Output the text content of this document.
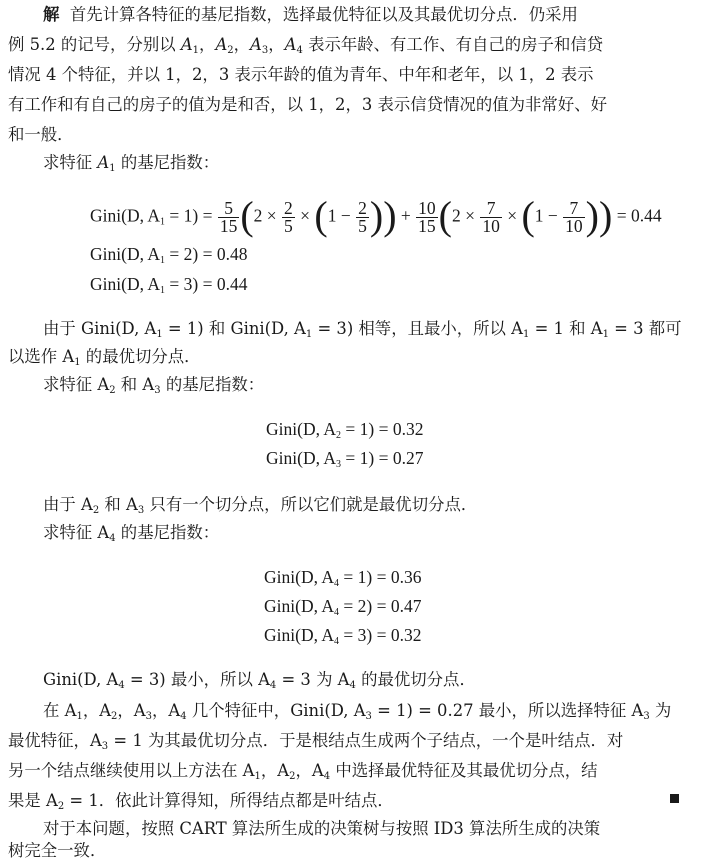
解 首先计算各特征的基尼指数，选择最优特征以及其最优切分点．仍采用
例 5.2 的记号，分别以 $A_1$，$A_2$，$A_3$，$A_4$ 表示年龄、有工作、有自己的房子和信贷
情况 4 个特征，并以 1，2，3 表示年龄的值为青年、中年和老年，以 1，2 表示
有工作和有自己的房子的值为是和否，以 1，2，3 表示信贷情况的值为非常好、好
和一般．
求特征 $A_1$ 的基尼指数：
Gini(D, $A_1 = 1) = \frac{5}{15} (2 \times \frac{2}{5} \times (1 - \frac{2}{5}$ )) + $\frac{10}{15} (2 \times \frac{7}{10} \times (1 - \frac{7}{10}$ )) = 0.44
Gini(D, $A_1 = 2) = 0.48$
Gini(D, $A_1 = 3) = 0.44$
由于 Gini(D, $A_1 = 1$) 和 Gini(D, $A_1 = 3$) 相等，且最小，所以 $A_1 = 1$ 和 $A_1 = 3$ 都可
以选作 $A_1$ 的最优切分点．
求特征 $A_2$ 和 $A_3$ 的基尼指数：
Gini(D, $A_2 = 1) = 0.32$
Gini(D, $A_3 = 1) = 0.27$
由于 $A_2$ 和 $A_3$ 只有一个切分点，所以它们就是最优切分点．
求特征 $A_4$ 的基尼指数：
Gini(D, $A_4 = 1) = 0.36$
Gini(D, $A_4 = 2) = 0.47$
Gini(D, $A_4 = 3) = 0.32$
Gini(D, $A_4 = 3$) 最小，所以 $A_4 = 3$ 为 $A_4$ 的最优切分点．
在 $A_1$，$A_2$，$A_3$，$A_4$ 几个特征中，Gini(D, $A_3 = 1) = 0.27$ 最小，所以选择特征 $A_3$ 为
最优特征，$A_3 = 1$ 为其最优切分点．于是根结点生成两个子结点，一个是叶结点．对
另一个结点继续使用以上方法在 $A_1$，$A_2$，$A_4$ 中选择最优特征及其最优切分点，结
果是 $A_2 = 1$．依此计算得知，所得结点都是叶结点．
对于本问题，按照 CART 算法所生成的决策树与按照 ID3 算法所生成的决策
树完全一致．
